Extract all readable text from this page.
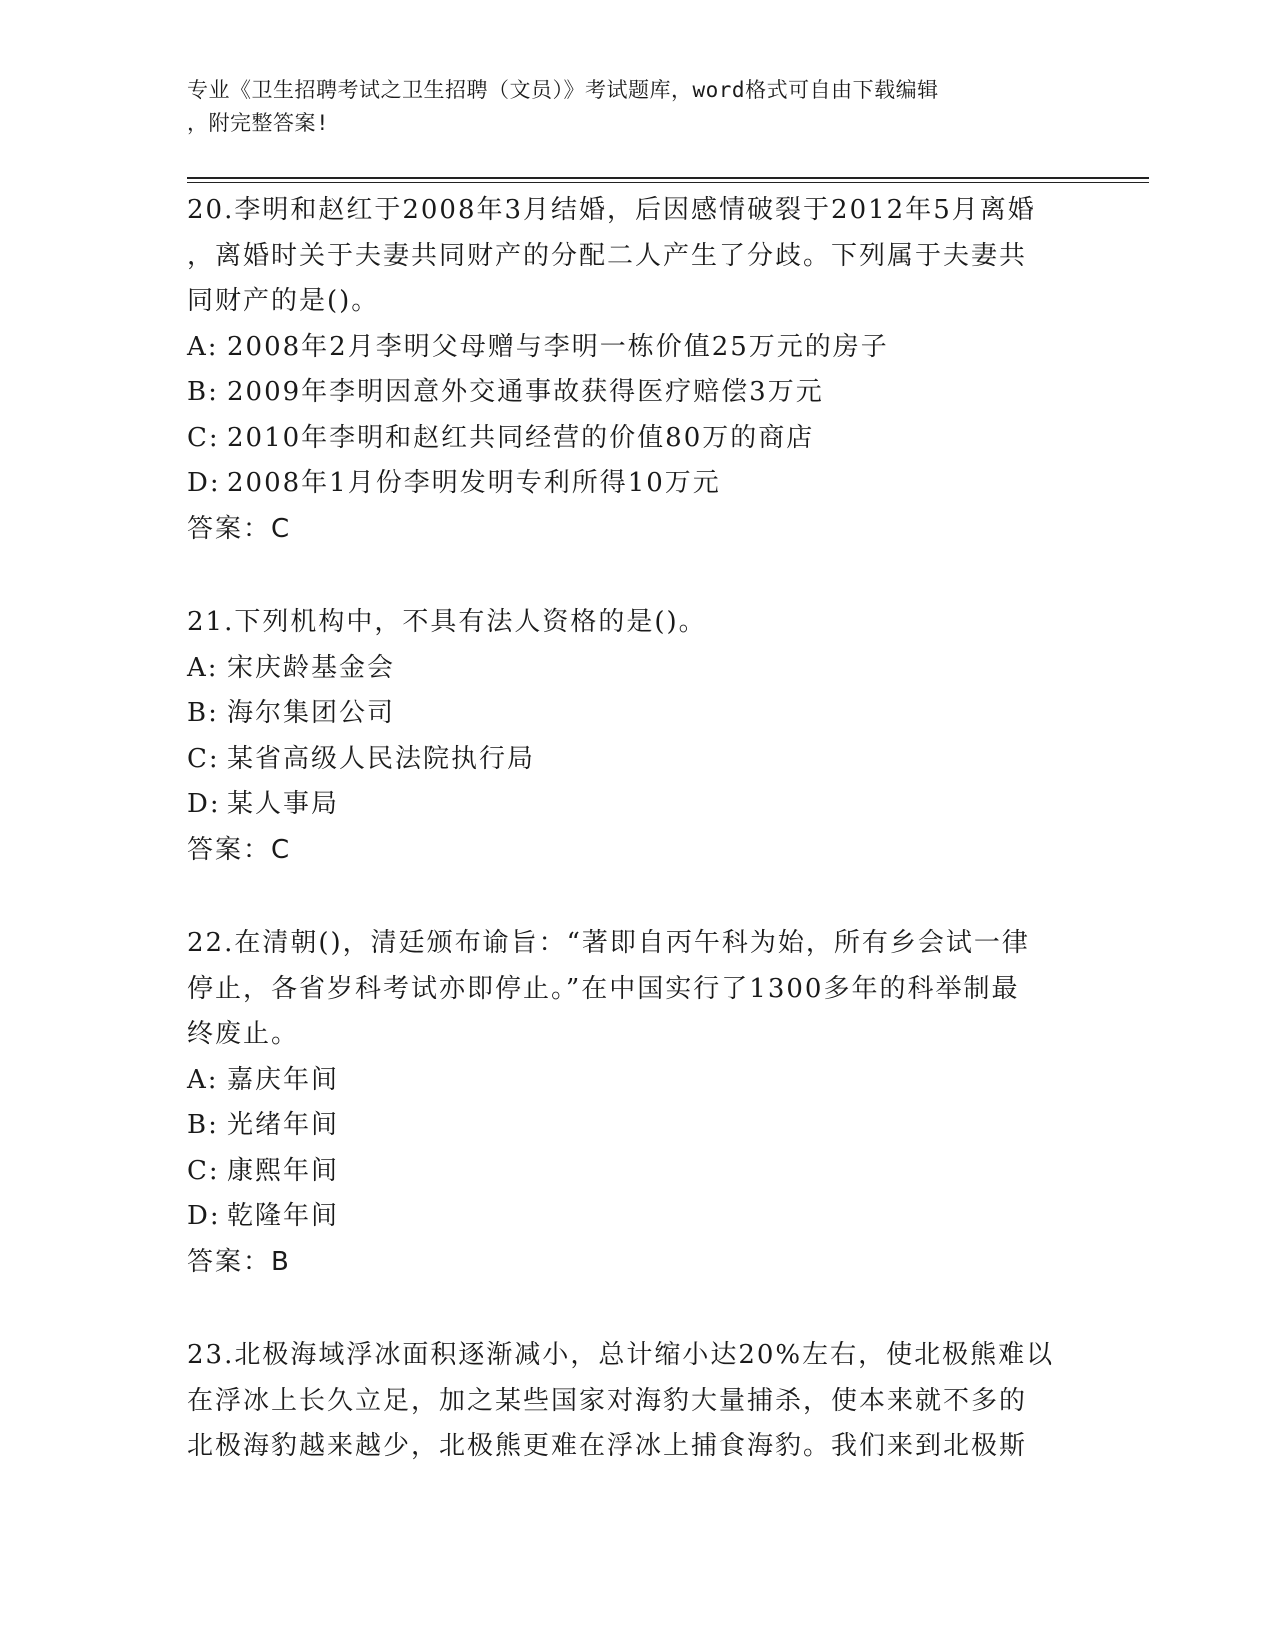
专业《卫生招聘考试之卫生招聘（文员）》考试题库，word格式可自由下载编辑
，附完整答案!
20.李明和赵红于2008年3月结婚，后因感情破裂于2012年5月离婚
，离婚时关于夫妻共同财产的分配二人产生了分歧。下列属于夫妻共
同财产的是()。
A: 2008年2月李明父母赠与李明一栋价值25万元的房子
B: 2009年李明因意外交通事故获得医疗赔偿3万元
C: 2010年李明和赵红共同经营的价值80万的商店
D: 2008年1月份李明发明专利所得10万元
答案：C
21.下列机构中，不具有法人资格的是()。
A: 宋庆龄基金会
B: 海尔集团公司
C: 某省高级人民法院执行局
D: 某人事局
答案：C
22.在清朝()，清廷颁布谕旨：“著即自丙午科为始，所有乡会试一律
停止，各省岁科考试亦即停止。”在中国实行了1300多年的科举制最
终废止。
A: 嘉庆年间
B: 光绪年间
C: 康熙年间
D: 乾隆年间
答案：B
23.北极海域浮冰面积逐渐减小，总计缩小达20%左右，使北极熊难以
在浮冰上长久立足，加之某些国家对海豹大量捕杀，使本来就不多的
北极海豹越来越少，北极熊更难在浮冰上捕食海豹。我们来到北极斯
